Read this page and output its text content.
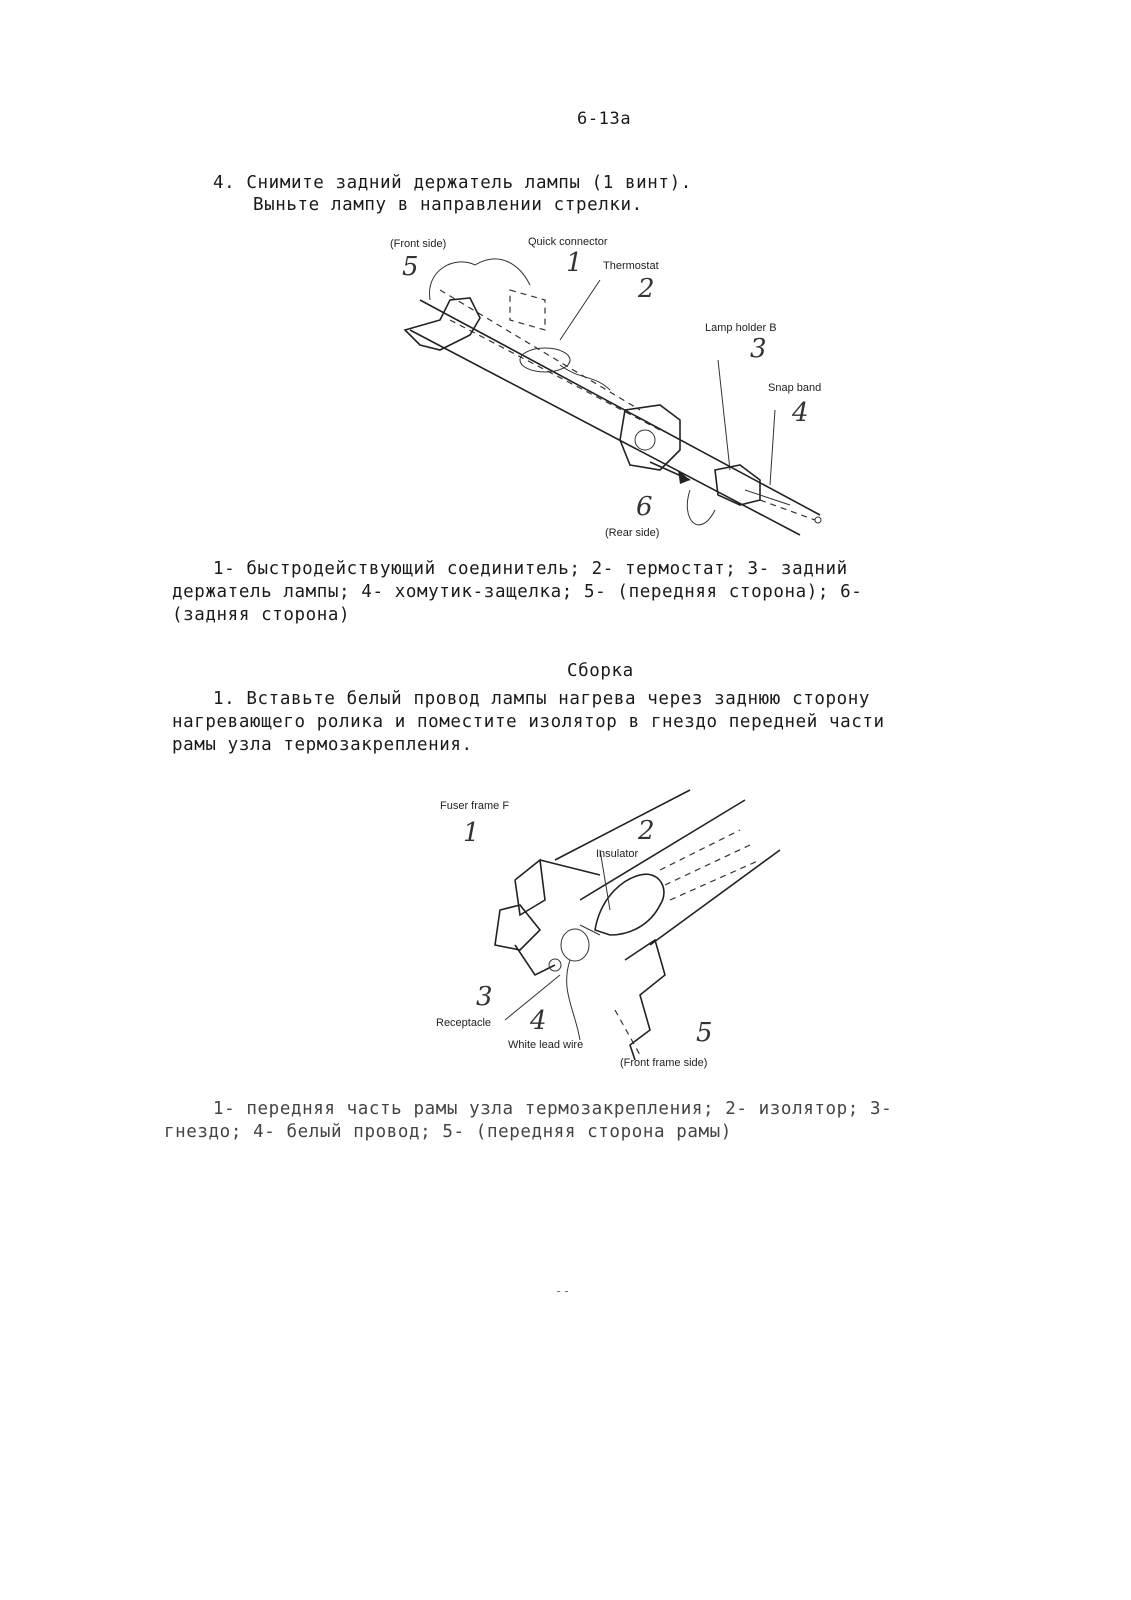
6-13a
4. Снимите задний держатель лампы (1 винт).
Выньте лампу в направлении стрелки.
(Front side)	Quick connector
Thermostat
Lamp holder B
Snap band
(Rear side)
5	1
2
3
4
6
1- быстродействующий соединитель; 2- термостат; 3- задний
держатель лампы; 4- хомутик-защелка; 5- (передняя сторона); 6-
(задняя сторона)
Сборка
1. Вставьте белый провод лампы нагрева через заднюю сторону
нагревающего ролика и поместите изолятор в гнездо передней части
рамы узла термозакрепления.
Fuser frame F
Insulator
Receptacle
White lead wire
(Front frame side)
1	2
3
4	5
1- передняя часть рамы узла термозакрепления; 2- изолятор; 3-
гнездо; 4- белый провод; 5- (передняя сторона рамы)
--
